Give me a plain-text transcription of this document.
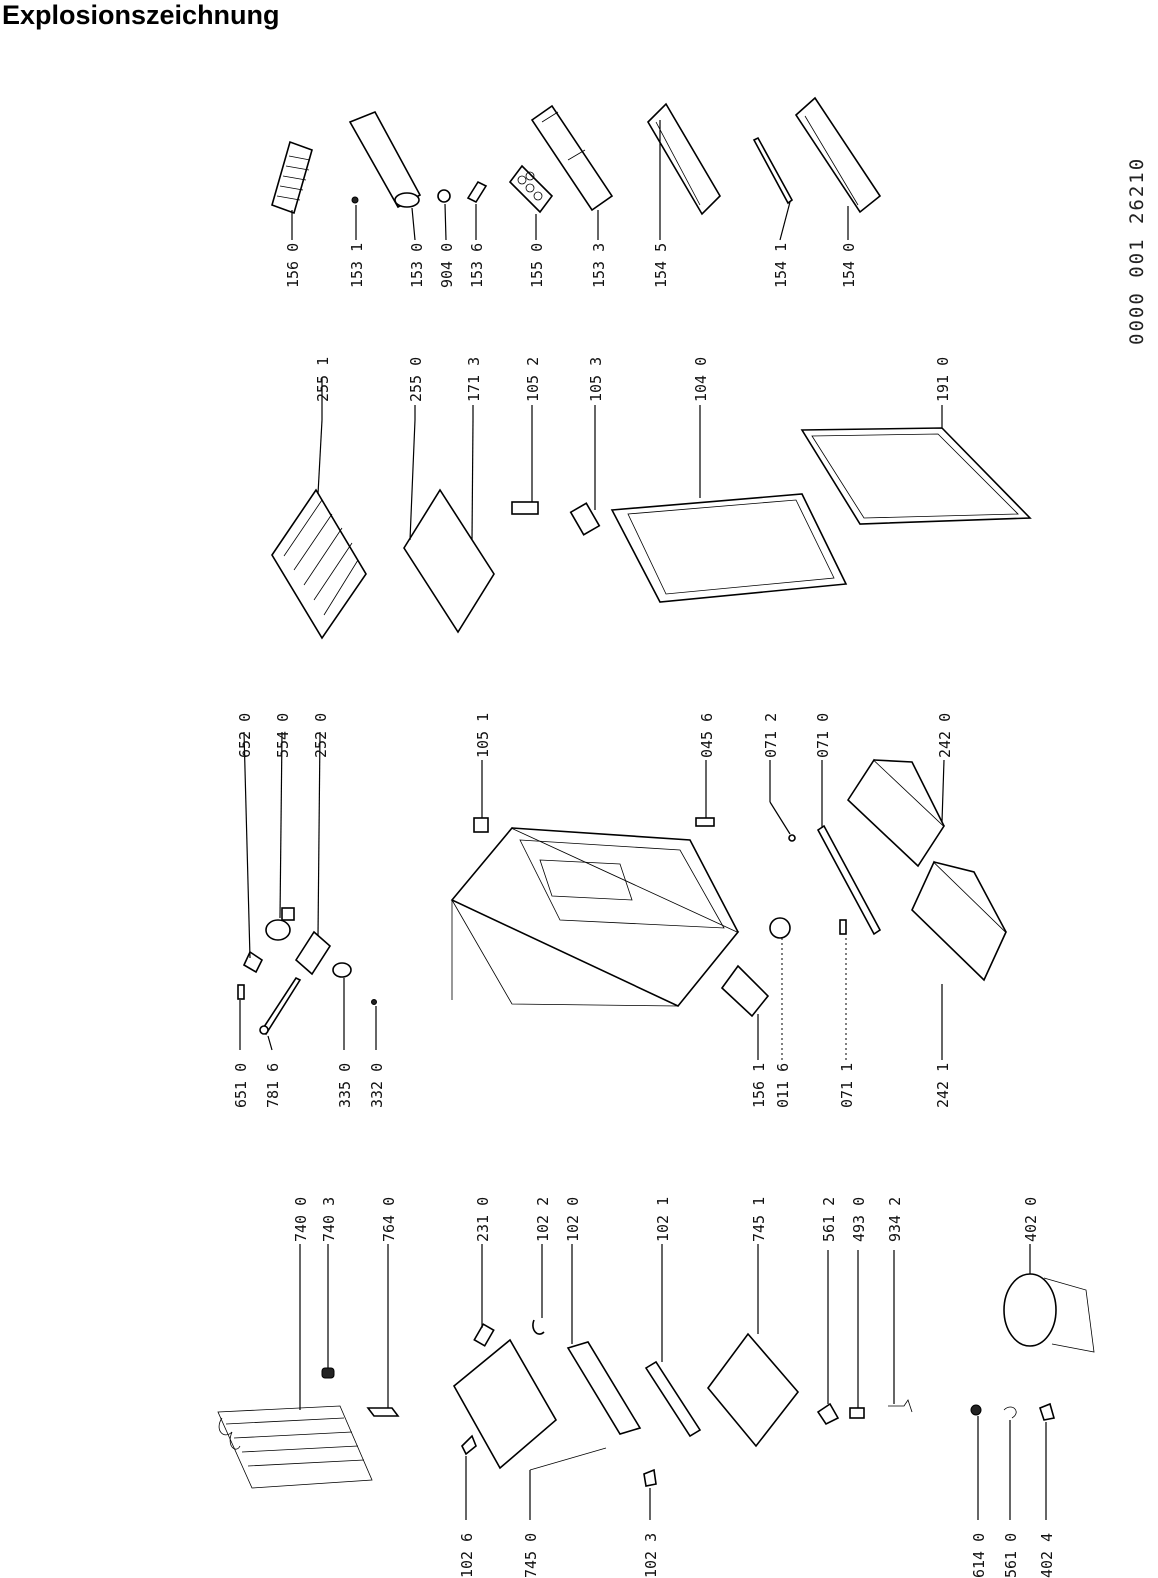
Explosionszeichnung
0000 001 26210
156 0	153 1	153 0 904 0 153 6	155 0	153 3	154 5	154 1	154 0
255 1	255 0	171 3	105 2	105 3	104 0	191 0
652 0 554 0 252 0	105 1	045 6	071 2 071 0	242 0
651 0 781 6	335 0 332 0	156 1 011 6	071 1	242 1
740 0 740 3	764 0	231 0	102 2 102 0	102 1	745 1	561 2 493 0 934 2	402 0
102 6	745 0	102 3	614 0 561 0 402 4
